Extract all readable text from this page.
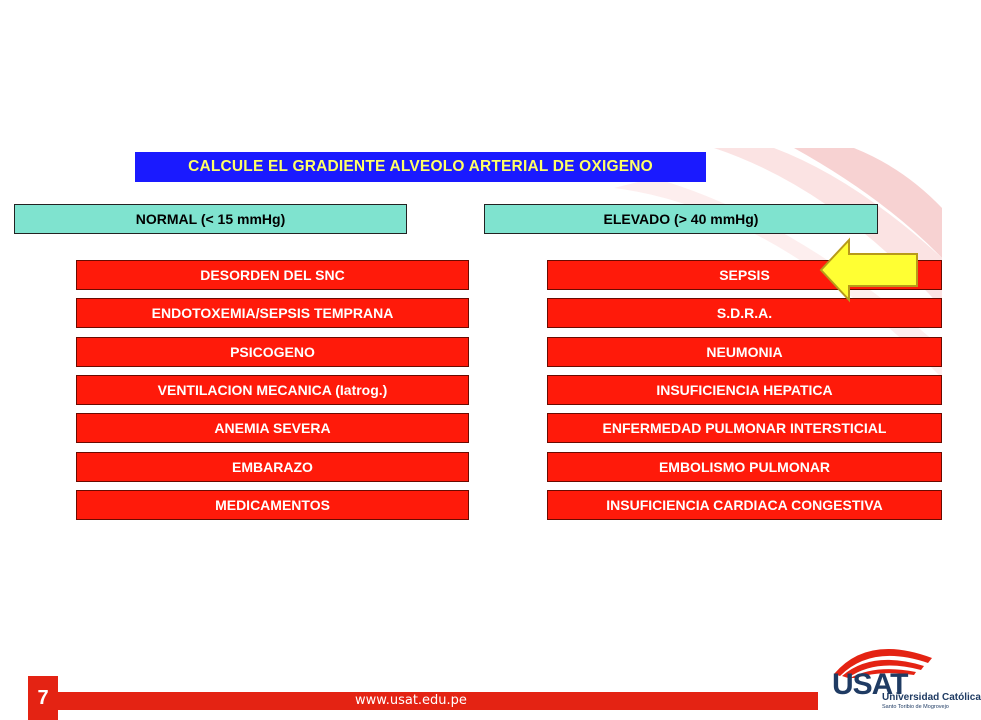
CALCULE EL GRADIENTE ALVEOLO ARTERIAL DE OXIGENO
NORMAL (< 15 mmHg)	ELEVADO (> 40 mmHg)
DESORDEN DEL SNC
ENDOTOXEMIA/SEPSIS TEMPRANA
PSICOGENO
VENTILACION MECANICA (Iatrog.)
ANEMIA SEVERA
EMBARAZO
MEDICAMENTOS
SEPSIS
S.D.R.A.
NEUMONIA
INSUFICIENCIA HEPATICA
ENFERMEDAD PULMONAR INTERSTICIAL
EMBOLISMO PULMONAR
INSUFICIENCIA CARDIACA CONGESTIVA
www.usat.edu.pe
7	USAT
Universidad Católica
Santo Toribio de Mogrovejo
